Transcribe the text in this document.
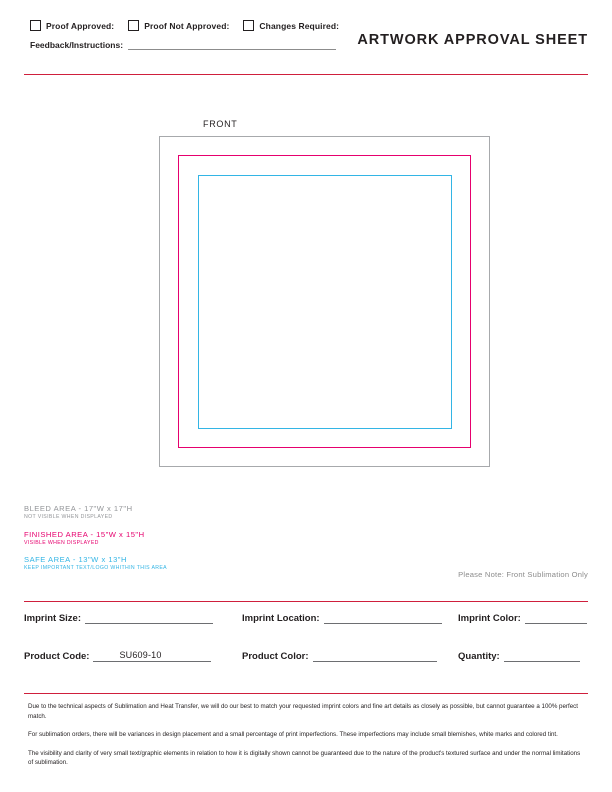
Proof Approved:	Proof Not Approved:	Changes Required:
Feedback/Instructions:	ARTWORK APPROVAL SHEET
FRONT

BLEED AREA - 17"W x 17"H

NOT VISIBLE WHEN DISPLAYED

FINISHED AREA - 15"W x 15"H

VISIBLE WHEN DISPLAYED

SAFE AREA - 13"W x 13"H

KEEP IMPORTANT TEXT/LOGO WHITHIN THIS AREA

Please Note: Front Sublimation Only
Imprint Size:	Imprint Location:	Imprint Color:
Product Code:	SU609-10	Product Color:	Quantity:

Due to the technical aspects of Sublimation and Heat Transfer, we will do our best to match your requested imprint colors and fine art details as closely as possible, but cannot guarantee a 100% perfect match.

For sublimation orders, there will be variances in design placement and a small percentage of print imperfections. These imperfections may include small blemishes, white marks and colored tint.

The visibility and clarity of very small text/graphic elements in relation to how it is digitally shown cannot be guaranteed due to the nature of the product's textured surface and under the normal limitations of sublimation.
